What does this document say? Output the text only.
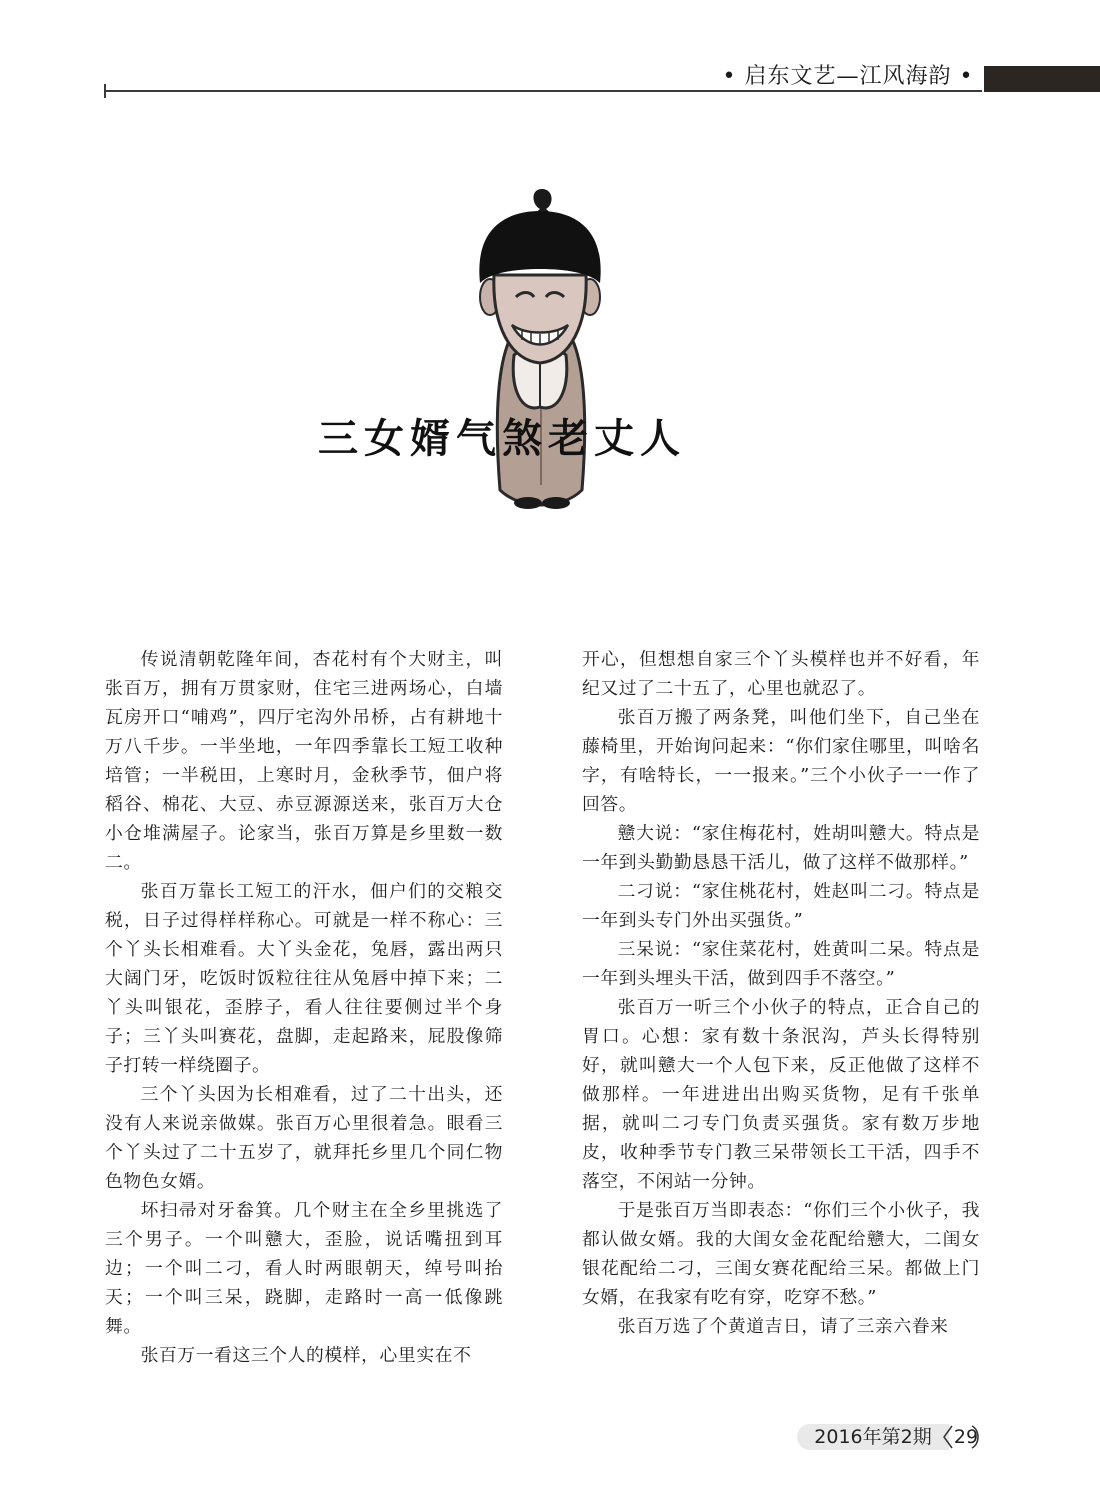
• 启东文艺—江风海韵 •
三女婿气煞老丈人

传说清朝乾隆年间，杏花村有个大财主，叫张百万，拥有万贯家财，住宅三进两场心，白墙瓦房开口“哺鸡”，四厅宅沟外吊桥，占有耕地十万八千步。一半坐地，一年四季靠长工短工收种培管；一半税田，上寒时月，金秋季节，佃户将稻谷、棉花、大豆、赤豆源源送来，张百万大仓小仓堆满屋子。论家当，张百万算是乡里数一数二。

张百万靠长工短工的汗水，佃户们的交粮交税，日子过得样样称心。可就是一样不称心：三个丫头长相难看。大丫头金花，兔唇，露出两只大阔门牙，吃饭时饭粒往往从兔唇中掉下来；二丫头叫银花，歪脖子，看人往往要侧过半个身子；三丫头叫赛花，盘脚，走起路来，屁股像筛子打转一样绕圈子。

三个丫头因为长相难看，过了二十出头，还没有人来说亲做媒。张百万心里很着急。眼看三个丫头过了二十五岁了，就拜托乡里几个同仁物色物色女婿。

坏扫帚对牙畚箕。几个财主在全乡里挑选了三个男子。一个叫戆大，歪脸，说话嘴扭到耳边；一个叫二刁，看人时两眼朝天，绰号叫抬天；一个叫三呆，跷脚，走路时一高一低像跳舞。

张百万一看这三个人的模样，心里实在不

开心，但想想自家三个丫头模样也并不好看，年纪又过了二十五了，心里也就忍了。

张百万搬了两条凳，叫他们坐下，自己坐在藤椅里，开始询问起来：“你们家住哪里，叫啥名字，有啥特长，一一报来。”三个小伙子一一作了回答。

戆大说：“家住梅花村，姓胡叫戆大。特点是一年到头勤勤恳恳干活儿，做了这样不做那样。”

二刁说：“家住桃花村，姓赵叫二刁。特点是一年到头专门外出买强货。”

三呆说：“家住菜花村，姓黄叫二呆。特点是一年到头埋头干活，做到四手不落空。”

张百万一听三个小伙子的特点，正合自己的胃口。心想：家有数十条泯沟，芦头长得特别好，就叫戆大一个人包下来，反正他做了这样不做那样。一年进进出出购买货物，足有千张单据，就叫二刁专门负责买强货。家有数万步地皮，收种季节专门教三呆带领长工干活，四手不落空，不闲站一分钟。

于是张百万当即表态：“你们三个小伙子，我都认做女婿。我的大闺女金花配给戆大，二闺女银花配给二刁，三闺女赛花配给三呆。都做上门女婿，在我家有吃有穿，吃穿不愁。”

张百万选了个黄道吉日，请了三亲六眷来

2016年第2期	29
